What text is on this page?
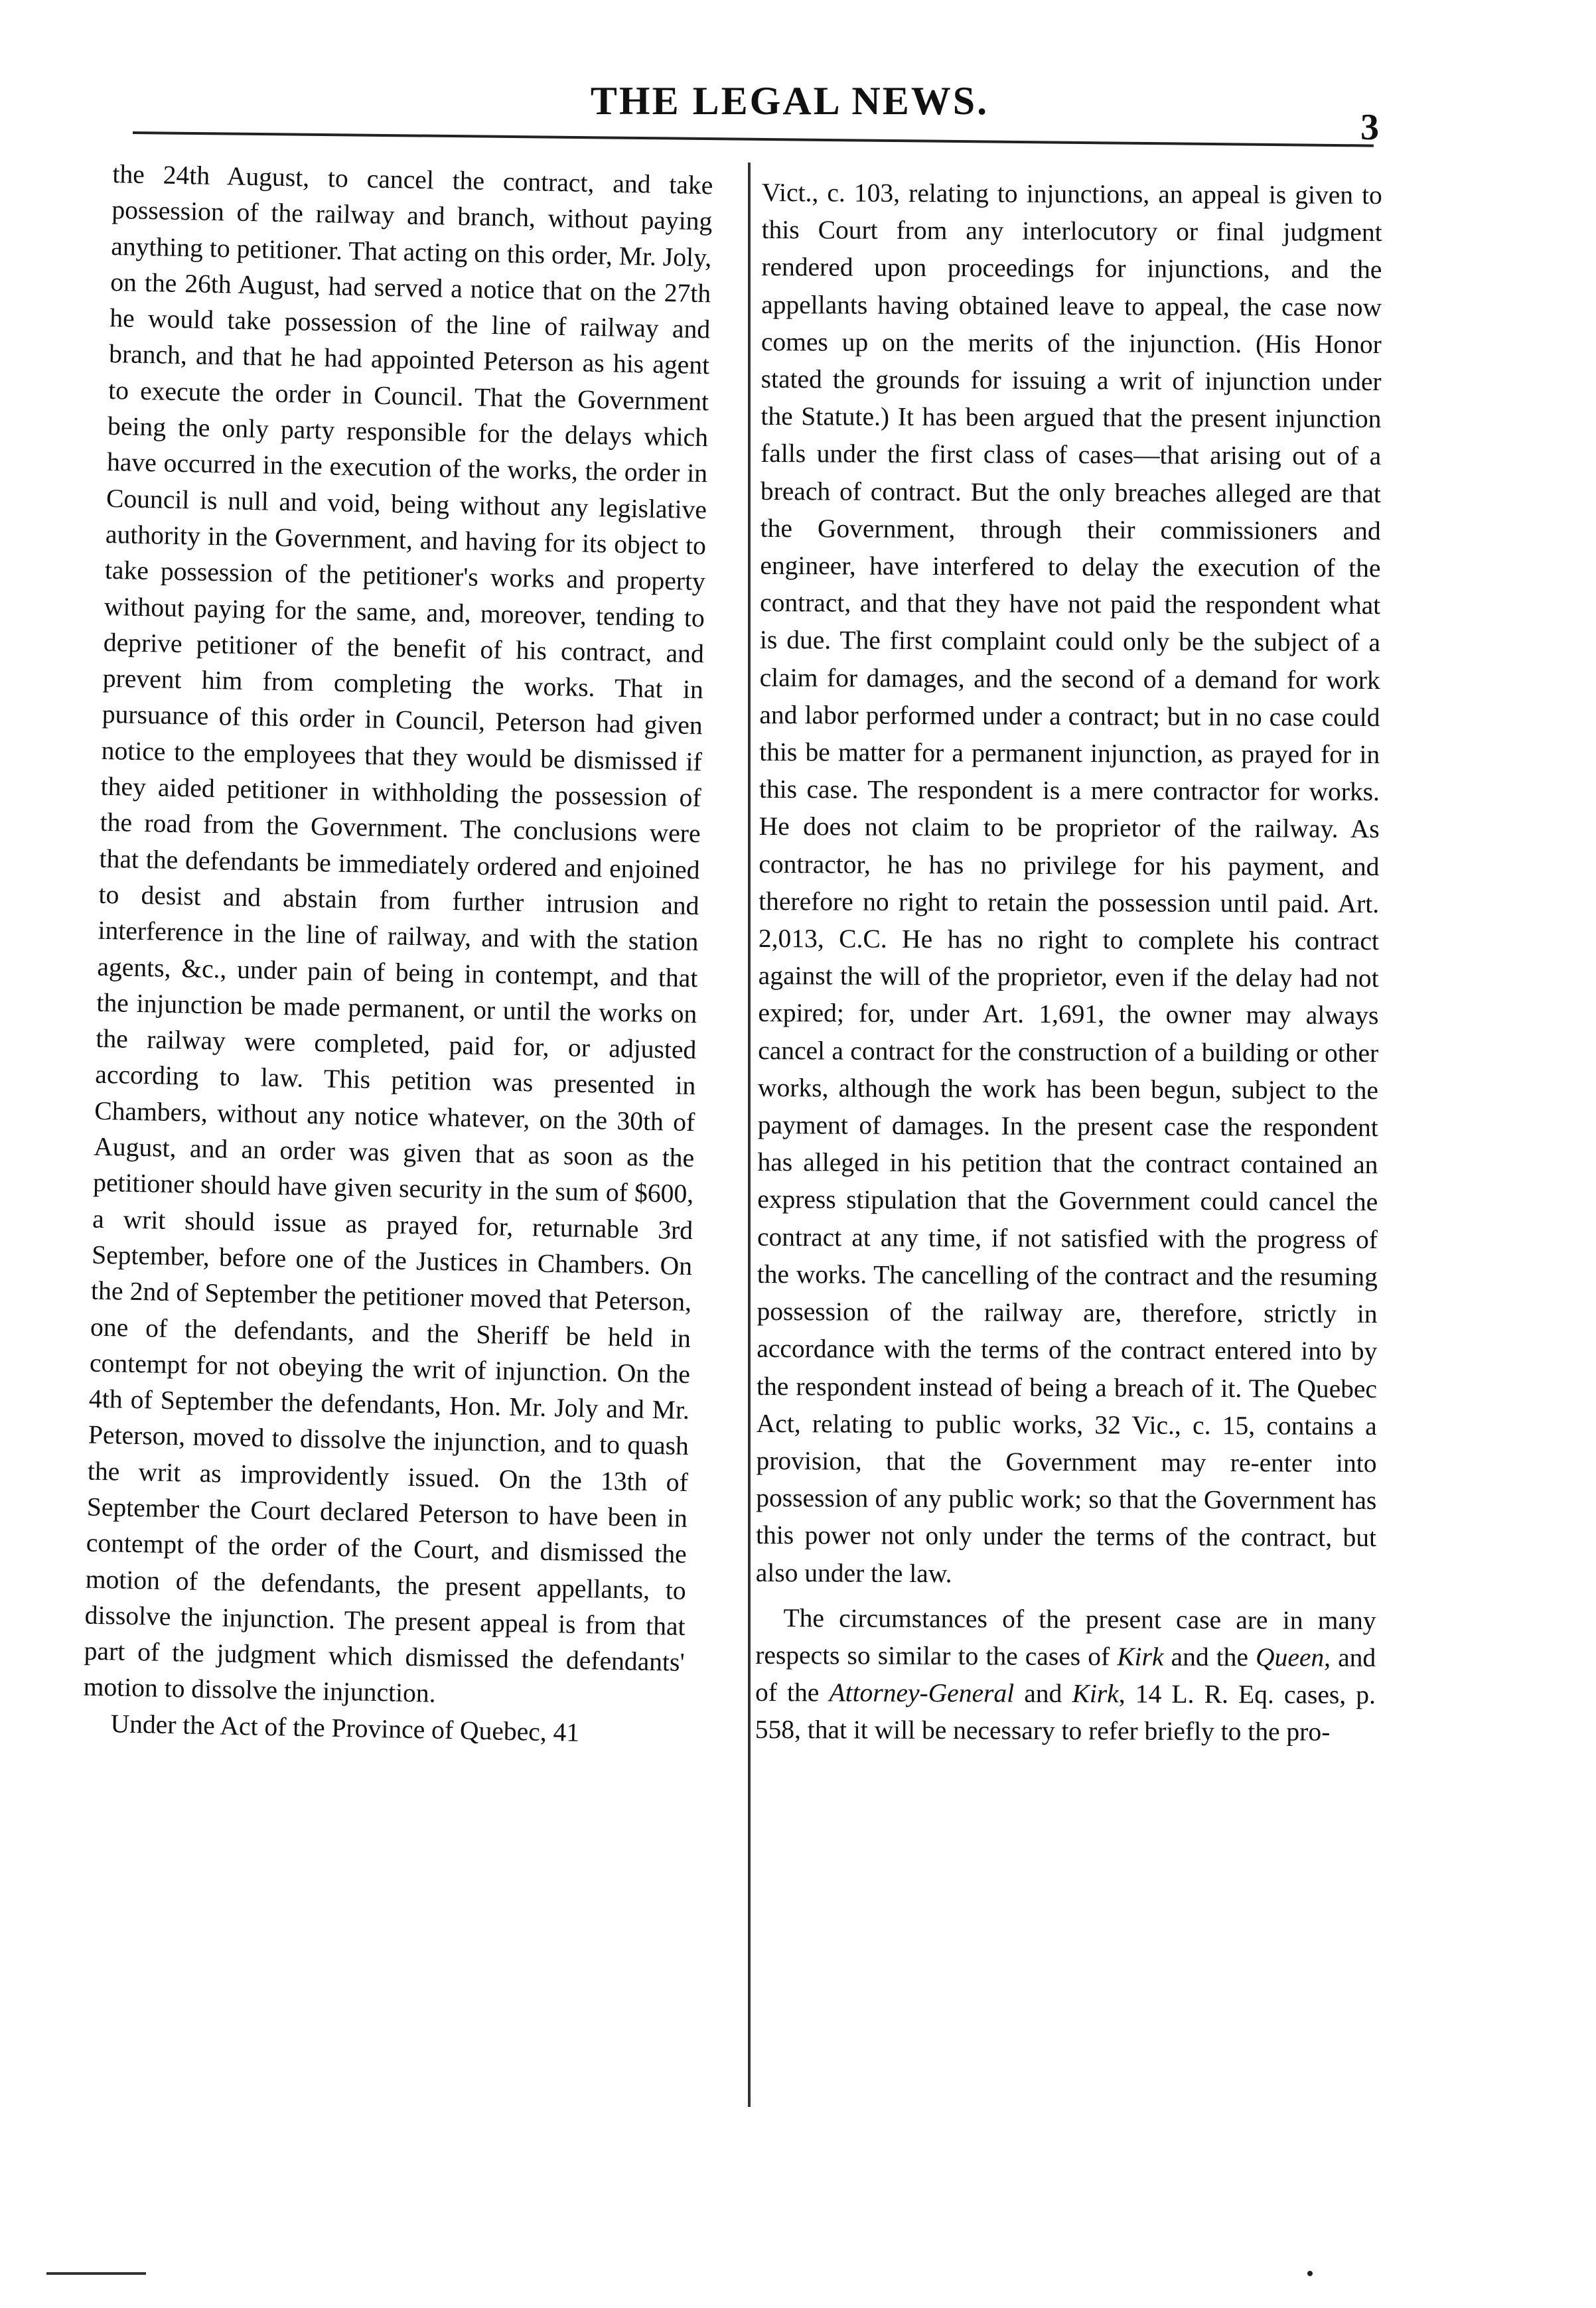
THE LEGAL NEWS.
3

the 24th August, to cancel the contract, and take possession of the railway and branch, without paying anything to petitioner. That acting on this order, Mr. Joly, on the 26th August, had served a notice that on the 27th he would take possession of the line of railway and branch, and that he had appointed Peterson as his agent to execute the order in Council. That the Government being the only party responsible for the delays which have occurred in the execution of the works, the order in Council is null and void, being without any legislative authority in the Government, and having for its object to take possession of the petitioner's works and property without paying for the same, and, moreover, tending to deprive petitioner of the benefit of his contract, and prevent him from completing the works. That in pursuance of this order in Council, Peterson had given notice to the employees that they would be dismissed if they aided petitioner in withholding the possession of the road from the Government. The conclusions were that the defendants be immediately ordered and enjoined to desist and abstain from further intrusion and interference in the line of railway, and with the station agents, &c., under pain of being in contempt, and that the injunction be made permanent, or until the works on the railway were completed, paid for, or adjusted according to law. This petition was presented in Chambers, without any notice whatever, on the 30th of August, and an order was given that as soon as the petitioner should have given security in the sum of $600, a writ should issue as prayed for, returnable 3rd September, before one of the Justices in Chambers. On the 2nd of September the petitioner moved that Peterson, one of the defendants, and the Sheriff be held in contempt for not obeying the writ of injunction. On the 4th of September the defendants, Hon. Mr. Joly and Mr. Peterson, moved to dissolve the injunction, and to quash the writ as improvidently issued. On the 13th of September the Court declared Peterson to have been in contempt of the order of the Court, and dismissed the motion of the defendants, the present appellants, to dissolve the injunction. The present appeal is from that part of the judgment which dismissed the defendants' motion to dissolve the injunction.

Under the Act of the Province of Quebec, 41

Vict., c. 103, relating to injunctions, an appeal is given to this Court from any interlocutory or final judgment rendered upon proceedings for injunctions, and the appellants having obtained leave to appeal, the case now comes up on the merits of the injunction. (His Honor stated the grounds for issuing a writ of injunction under the Statute.) It has been argued that the present injunction falls under the first class of cases—that arising out of a breach of contract. But the only breaches alleged are that the Government, through their commissioners and engineer, have interfered to delay the execution of the contract, and that they have not paid the respondent what is due. The first complaint could only be the subject of a claim for damages, and the second of a demand for work and labor performed under a contract; but in no case could this be matter for a permanent injunction, as prayed for in this case. The respondent is a mere contractor for works. He does not claim to be proprietor of the railway. As contractor, he has no privilege for his payment, and therefore no right to retain the possession until paid. Art. 2,013, C.C. He has no right to complete his contract against the will of the proprietor, even if the delay had not expired; for, under Art. 1,691, the owner may always cancel a contract for the construction of a building or other works, although the work has been begun, subject to the payment of damages. In the present case the respondent has alleged in his petition that the contract contained an express stipulation that the Government could cancel the contract at any time, if not satisfied with the progress of the works. The cancelling of the contract and the resuming possession of the railway are, therefore, strictly in accordance with the terms of the contract entered into by the respondent instead of being a breach of it. The Quebec Act, relating to public works, 32 Vic., c. 15, contains a provision, that the Government may re-enter into possession of any public work; so that the Government has this power not only under the terms of the contract, but also under the law.

The circumstances of the present case are in many respects so similar to the cases of Kirk and the Queen, and of the Attorney-General and Kirk, 14 L. R. Eq. cases, p. 558, that it will be necessary to refer briefly to the pro-
